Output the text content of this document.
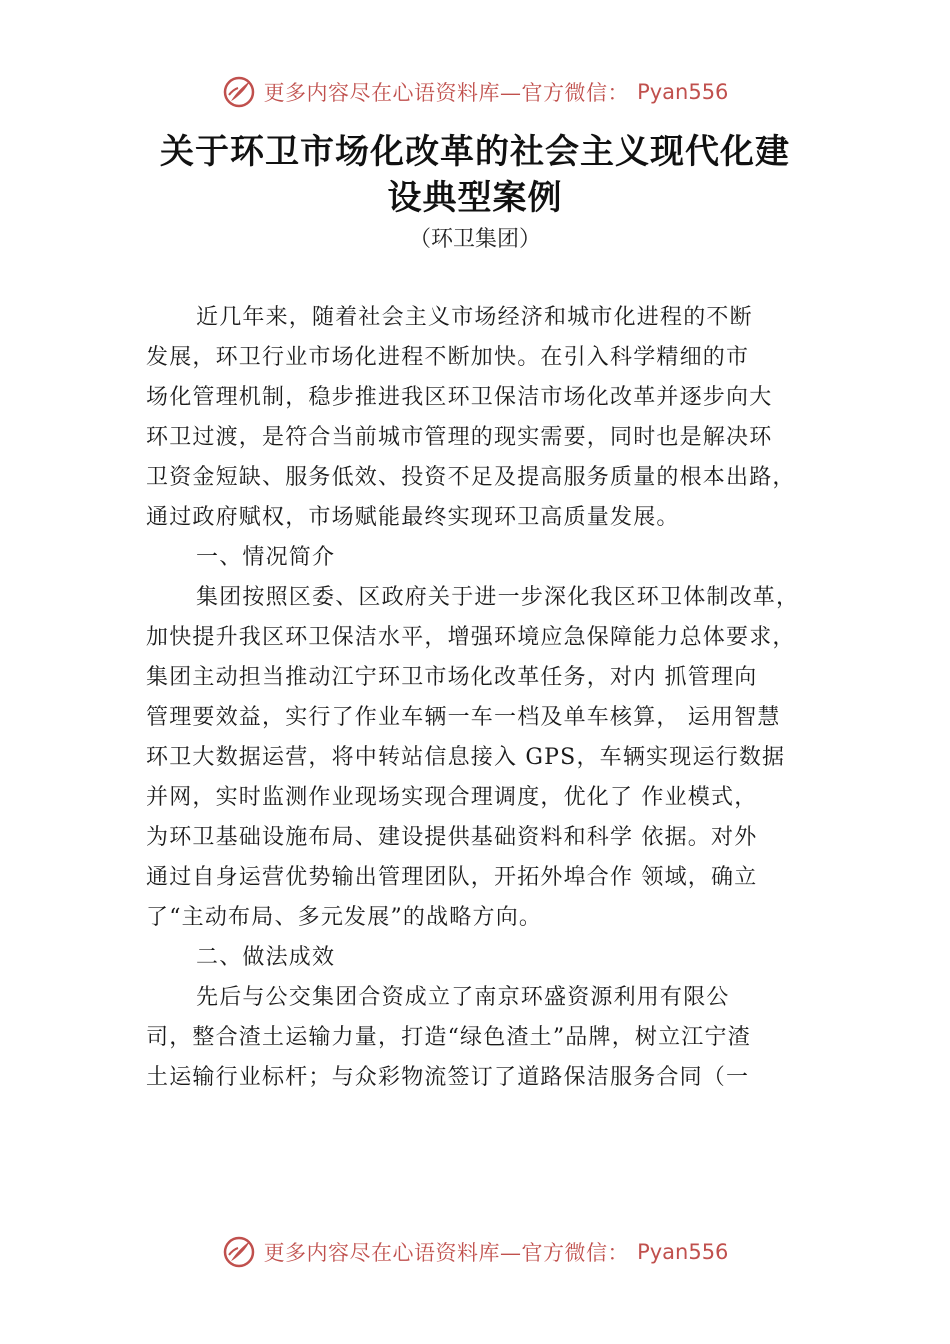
更多内容尽在心语资料库—官方微信： Pyan556
关于环卫市场化改革的社会主义现代化建
设典型案例
（环卫集团）
近几年来，随着社会主义市场经济和城市化进程的不断
发展，环卫行业市场化进程不断加快。在引入科学精细的市
场化管理机制，稳步推进我区环卫保洁市场化改革并逐步向大
环卫过渡，是符合当前城市管理的现实需要，同时也是解决环
卫资金短缺、服务低效、投资不足及提高服务质量的根本出路，
通过政府赋权，市场赋能最终实现环卫高质量发展。
一、情况简介
集团按照区委、区政府关于进一步深化我区环卫体制改革，
加快提升我区环卫保洁水平，增强环境应急保障能力总体要求，
集团主动担当推动江宁环卫市场化改革任务，对内 抓管理向
管理要效益，实行了作业车辆一车一档及单车核算， 运用智慧
环卫大数据运营，将中转站信息接入 GPS，车辆实现运行数据
并网，实时监测作业现场实现合理调度，优化了 作业模式，
为环卫基础设施布局、建设提供基础资料和科学 依据。对外
通过自身运营优势输出管理团队，开拓外埠合作 领域，确立
了“主动布局、多元发展”的战略方向。
二、做法成效
先后与公交集团合资成立了南京环盛资源利用有限公
司，整合渣土运输力量，打造“绿色渣土”品牌，树立江宁渣
土运输行业标杆；与众彩物流签订了道路保洁服务合同（一
更多内容尽在心语资料库—官方微信： Pyan556
